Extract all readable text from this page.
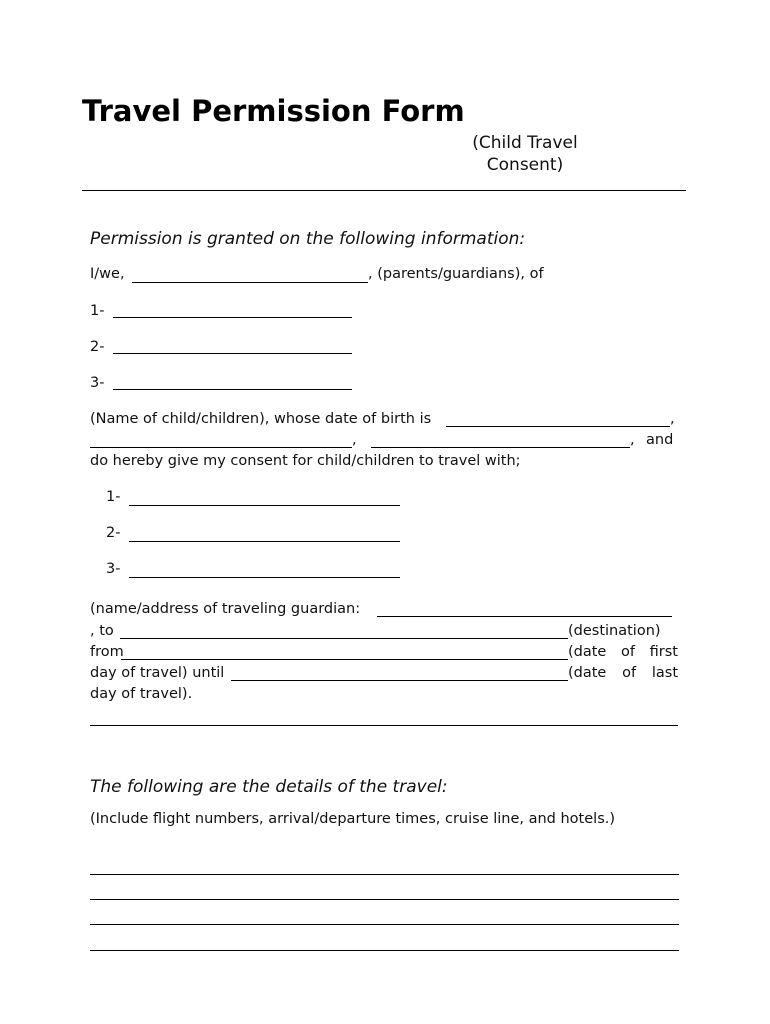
Travel Permission Form
(Child Travel Consent)
Permission is granted on the following information:
I/we,	, (parents/guardians), of
1-
2-
3-
(Name of child/children), whose date of birth is	,
,	, and
do hereby give my consent for child/children to travel with;
1-
2-
3-
(name/address of traveling guardian:
, to	(destination)
from	(date of first
day of travel) until	(date of last
day of travel).
The following are the details of the travel:
(Include flight numbers, arrival/departure times, cruise line, and hotels.)
